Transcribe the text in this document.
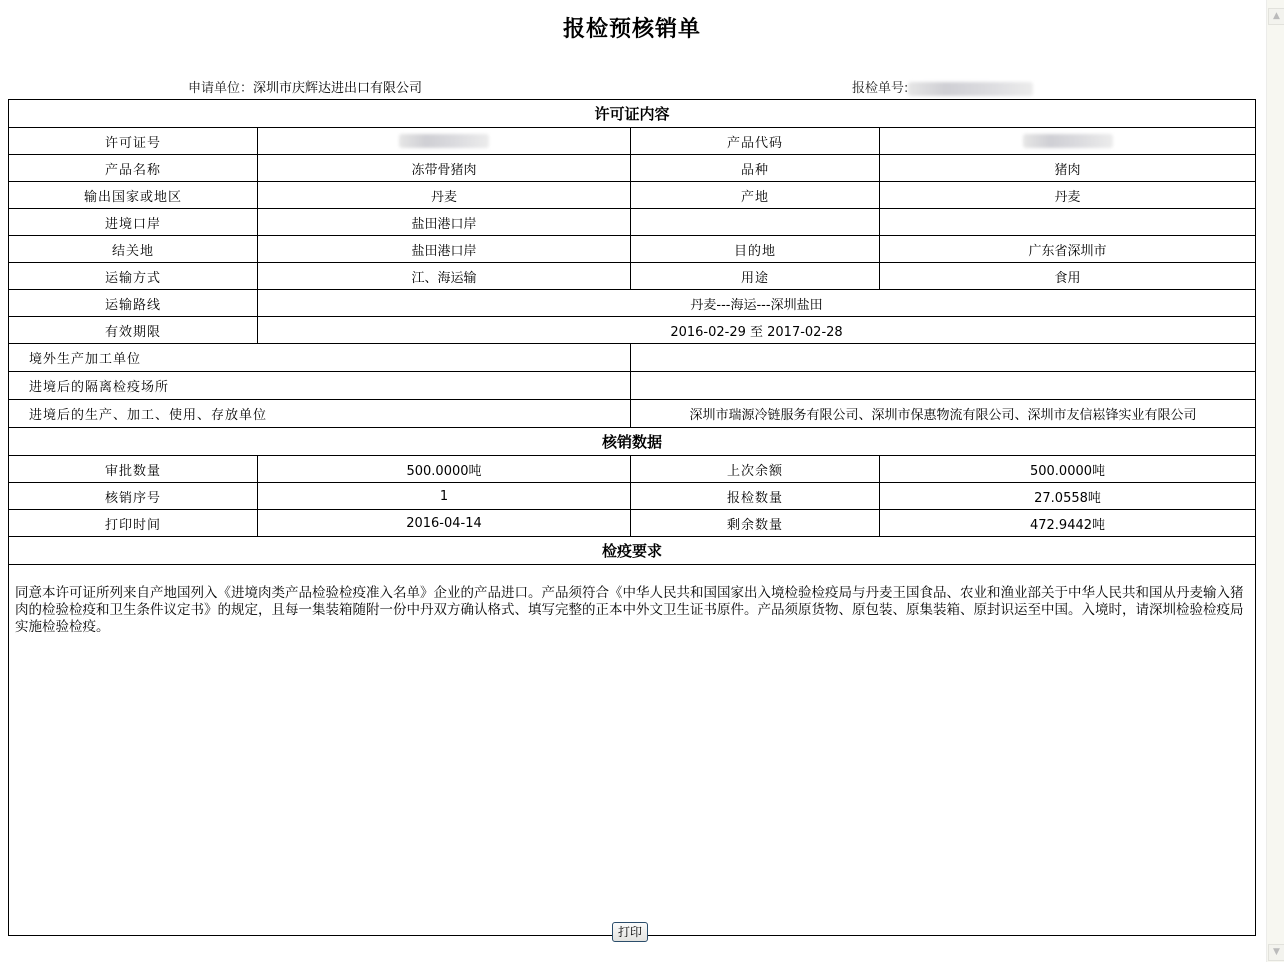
报检预核销单
申请单位：深圳市庆辉达进出口有限公司	报检单号:
许可证内容			
许可证号		产品代码	
产品名称	冻带骨猪肉	品种	猪肉
输出国家或地区	丹麦	产地	丹麦
进境口岸	盐田港口岸		
结关地	盐田港口岸	目的地	广东省深圳市
运输方式	江、海运输	用途	食用
运输路线	丹麦---海运---深圳盐田		
有效期限	2016-02-29 至 2017-02-28		
境外生产加工单位			
进境后的隔离检疫场所			
进境后的生产、加工、使用、存放单位		深圳市瑞源冷链服务有限公司、深圳市保惠物流有限公司、深圳市友信崧锋实业有限公司	
核销数据			
审批数量	500.0000吨	上次余额	500.0000吨
核销序号	1	报检数量	27.0558吨
打印时间	2016-04-14	剩余数量	472.9442吨
检疫要求			
同意本许可证所列来自产地国列入《进境肉类产品检验检疫准入名单》企业的产品进口。产品须符合《中华人民共和国国家出入境检验检疫局与丹麦王国食品、农业和渔业部关于中华人民共和国从丹麦输入猪肉的检验检疫和卫生条件议定书》的规定，且每一集装箱随附一份中丹双方确认格式、填写完整的正本中外文卫生证书原件。产品须原货物、原包装、原集装箱、原封识运至中国。入境时，请深圳检验检疫局实施检验检疫。			
打印
▲
▼
